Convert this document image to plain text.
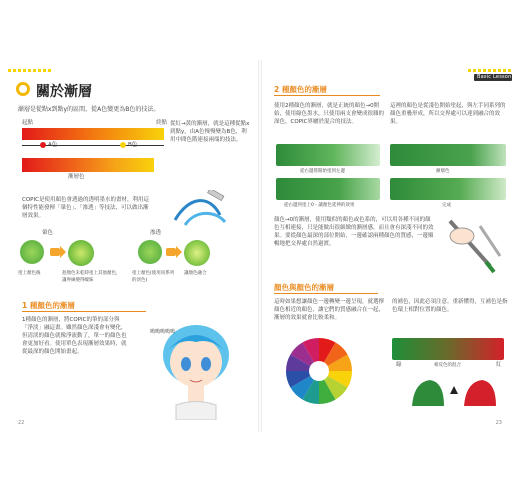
關於漸層
漸層是從點x到點y的區間，從A色變更為B色的技法。
起點	終點
A色	B色
漸層色
從紅→黃的漸層，就是這種從點x到點y，由A色慢慢變為B色，利用中間色階連接兩端的技法。
COPIC是使用顏色會透過的透明墨水的畫材，利用這個特性能發揮「暈色」、「滲透」等技法，可以做出漸層效果。
暈色	滲透
塗上顏色後	趁顏色未乾時塗上其他顏色，讓界線變得曖昧
塗上顏色(使用同系列的淡色)
讓顏色融合
1 種顏色的漸層
1種顏色的漸層，將COPIC的筆的部分與「淨淡」融這畫。雖然顏色深淺會有變化，但清淡的顏色就像淨流動了，單一的顏色也會更加好看。使用單色表現漸層效果時，就從最深的顏色開始畫起。
嗚嗚嗚嗚嗚
22
Basic Lesson
2 種顏色的漸層
使用2種顏色的漸層，就是正統的顏色→0開始，使用綠色墨水，只使用兩支會變成很雜的深色，COPIC界屬於混合的技法。
這裡的顏色是從淺色開始塗起，與左手同系列的顏色重疊形成，所以交界處可以達到融合的效果。
從右邊將開始塗到左邊	漸層色
從右邊到塗上0 - 讓顏色延伸的效果	完成
顏色→0的漸層，使用類似的顏色或色系的，可以用各種不同的顏色互相連接，只是能做出很細緻的漸層感，而且會有深淺不同的效果。要從顏色最深的部位開始，一邊確認兩種顏色的質感，一邊順暢地把交界處自然過渡。
顏色與顏色的漸層
這時如果想讓顏色一邊轉變一邊呈現，就選擇顏色相近的顏色，讓它們的質感融合在一起，漸層的效果就會比較柔和。
的補色，因此必須注意。重新懂得，互補色是指色環上相對位置的顏色。
綠	相反色的混合	紅
23
